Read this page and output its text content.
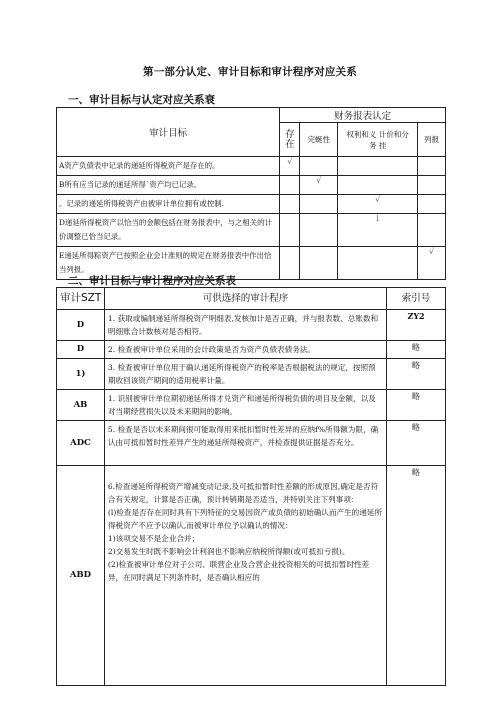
第一部分认定、审计目标和审计程序对应关系
一、审计目标与认定对应关系衰
审计目标	财务报表认定			
	存
在	完蜒性	权利和义 计价和分
务 挂	列报
A资产负债表中记录的递延所得税资产是存在的。	√			
B所有应当记录的递延所得`资产均已记录。		√		
。记录的递延所得税资产由被审计单位拥有或控制.			√	
D递延所得税资产以恰当的金额包括在财务报表中，与之相关的计价调整已恰当记录。			ⅰ	
E递延所得粽资产已按照企业会计准则的规定在财务报表中作出恰当列报。				√
二、审计目标与审计程序对应关系表
审计SZT	可供选择的审计程序	索引号
D	1. 获取或编制递延所得税资产明细表,发核加计是否正确，并与报表数、总账数和明细账合计数核对是否相符。	ZY2
D	2. 检查被审计单位采用的会计政策是否为资产负债表债务法。	略
1)	3. 检查被审计单位用于确认递延所得税资产的税率是否根据税法的规定，按照预期收回该资产期间的适用税率计量。	略
AB	1. 识别被审计单位期初递延所得才兑资产和递延所得税负债的项目及金额，以及对当期经营损失以及未来期间的影响。	略
ADC	5. 检查是否以未来期间很可能取得用来抵扣暂时性差异的应纳f%所得额为限，确认由可抵扣暂时性差异产生的递延所得税资产，并检查提供证据是否充分。	略
ABD	6.检查递延所得税资产增减变动记录,及可抵扣暂时性差额的形成原因,确定是否符合有关规定，计算是否正确，预计转销期是否适当，并特别关注下列事项：
(l)检查是否存在同时具有下列特征的交易因资产或负债的初始确认而产生的递延所得税资产不应予以确认,而被审计单位予以确认的情况：
1)该项交易不是企业合并；
2)交易发生时既不影响会计利润也不影响应纳税所得额(或可抵扣亏损)。
(2)检查被审计单位对子公司、联营企业及合营企业投资相关的可抵扣暂时性差异，在同时满足下列条件时，是否确认相应的	略
